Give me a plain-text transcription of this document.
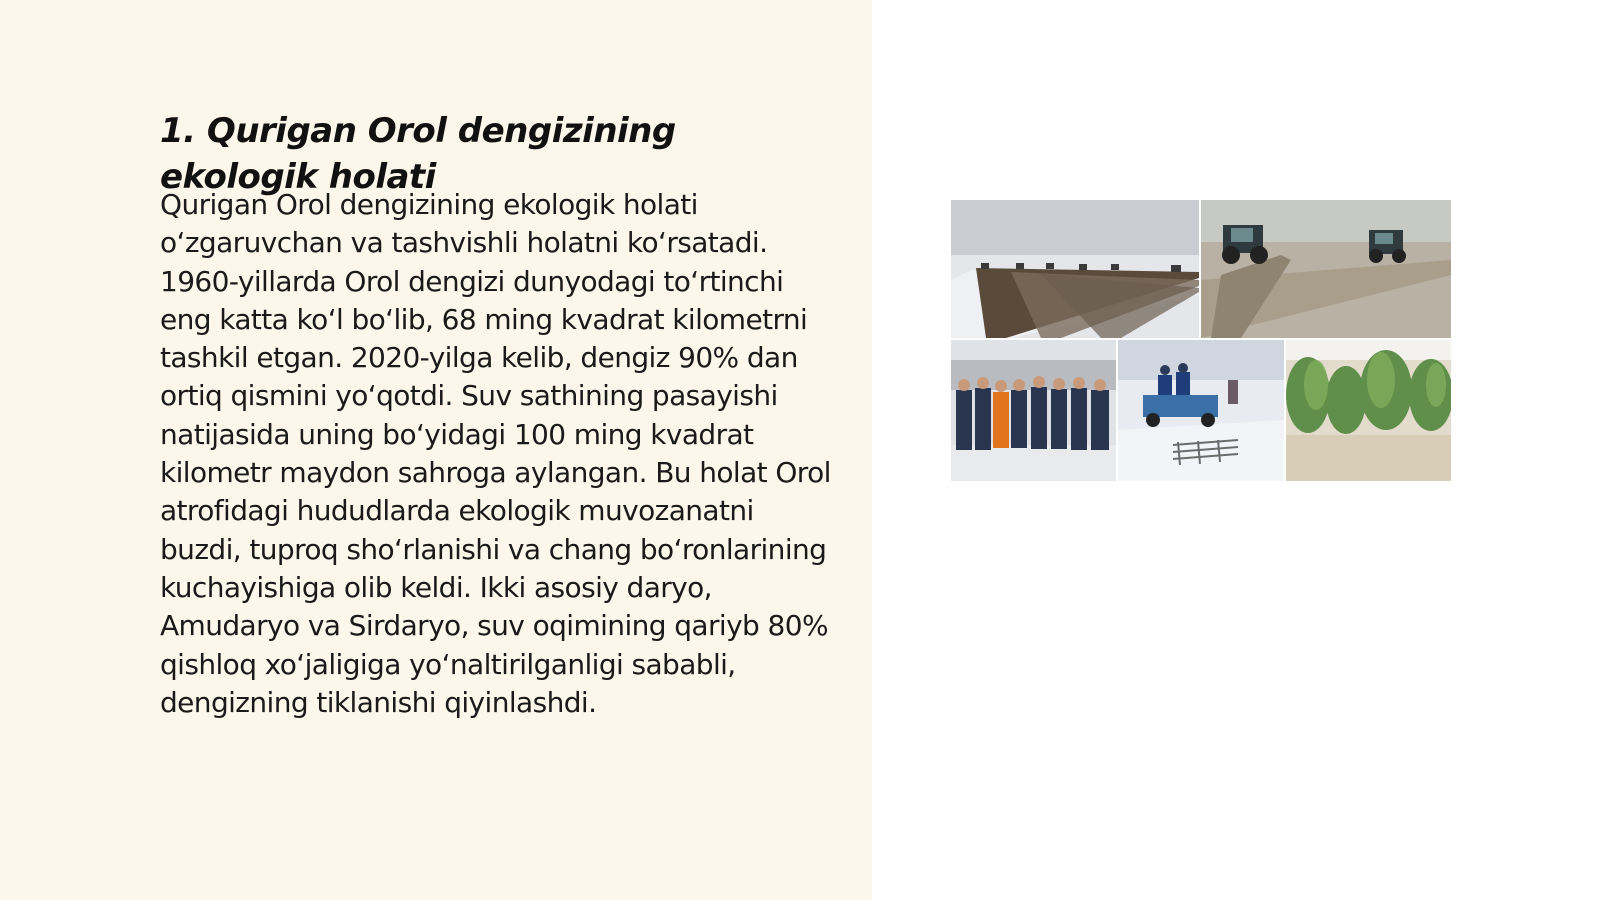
1. Qurigan Orol dengizining ekologik holati

Qurigan Orol dengizining ekologik holati o‘zgaruvchan va tashvishli holatni ko‘rsatadi. 1960-yillarda Orol dengizi dunyodagi to‘rtinchi eng katta ko‘l bo‘lib, 68 ming kvadrat kilometrni tashkil etgan. 2020-yilga kelib, dengiz 90% dan ortiq qismini yo‘qotdi. Suv sathining pasayishi natijasida uning bo‘yidagi 100 ming kvadrat kilometr maydon sahroga aylangan. Bu holat Orol atrofidagi hududlarda ekologik muvozanatni buzdi, tuproq sho‘rlanishi va chang bo‘ronlarining kuchayishiga olib keldi. Ikki asosiy daryo, Amudaryo va Sirdaryo, suv oqimining qariyb 80% qishloq xo‘jaligiga yo‘naltirilganligi sababli, dengizning tiklanishi qiyinlashdi.
